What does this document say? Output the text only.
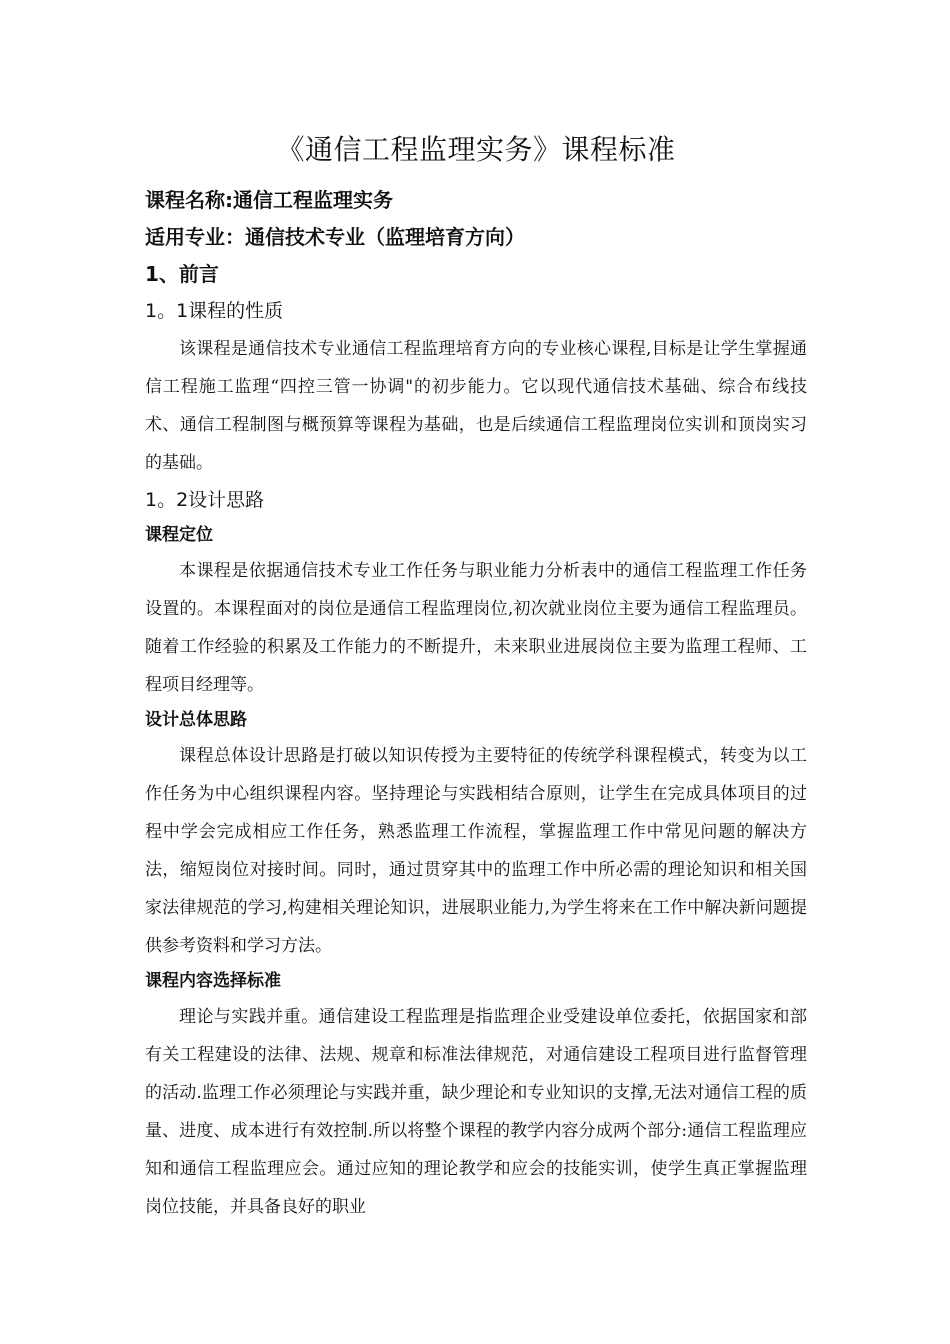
《通信工程监理实务》课程标准

课程名称:通信工程监理实务

适用专业：通信技术专业（监理培育方向）

1、前言

1。1课程的性质

该课程是通信技术专业通信工程监理培育方向的专业核心课程,目标是让学生掌握通信工程施工监理“四控三管一协调"的初步能力。它以现代通信技术基础、综合布线技术、通信工程制图与概预算等课程为基础，也是后续通信工程监理岗位实训和顶岗实习的基础。

1。2设计思路

课程定位

本课程是依据通信技术专业工作任务与职业能力分析表中的通信工程监理工作任务设置的。本课程面对的岗位是通信工程监理岗位,初次就业岗位主要为通信工程监理员。随着工作经验的积累及工作能力的不断提升，未来职业进展岗位主要为监理工程师、工程项目经理等。

设计总体思路

课程总体设计思路是打破以知识传授为主要特征的传统学科课程模式，转变为以工作任务为中心组织课程内容。坚持理论与实践相结合原则，让学生在完成具体项目的过程中学会完成相应工作任务，熟悉监理工作流程，掌握监理工作中常见问题的解决方法，缩短岗位对接时间。同时，通过贯穿其中的监理工作中所必需的理论知识和相关国家法律规范的学习,构建相关理论知识，进展职业能力,为学生将来在工作中解决新问题提供参考资料和学习方法。

课程内容选择标准

理论与实践并重。通信建设工程监理是指监理企业受建设单位委托，依据国家和部有关工程建设的法律、法规、规章和标准法律规范，对通信建设工程项目进行监督管理的活动.监理工作必须理论与实践并重，缺少理论和专业知识的支撑,无法对通信工程的质量、进度、成本进行有效控制.所以将整个课程的教学内容分成两个部分:通信工程监理应知和通信工程监理应会。通过应知的理论教学和应会的技能实训，使学生真正掌握监理岗位技能，并具备良好的职业
